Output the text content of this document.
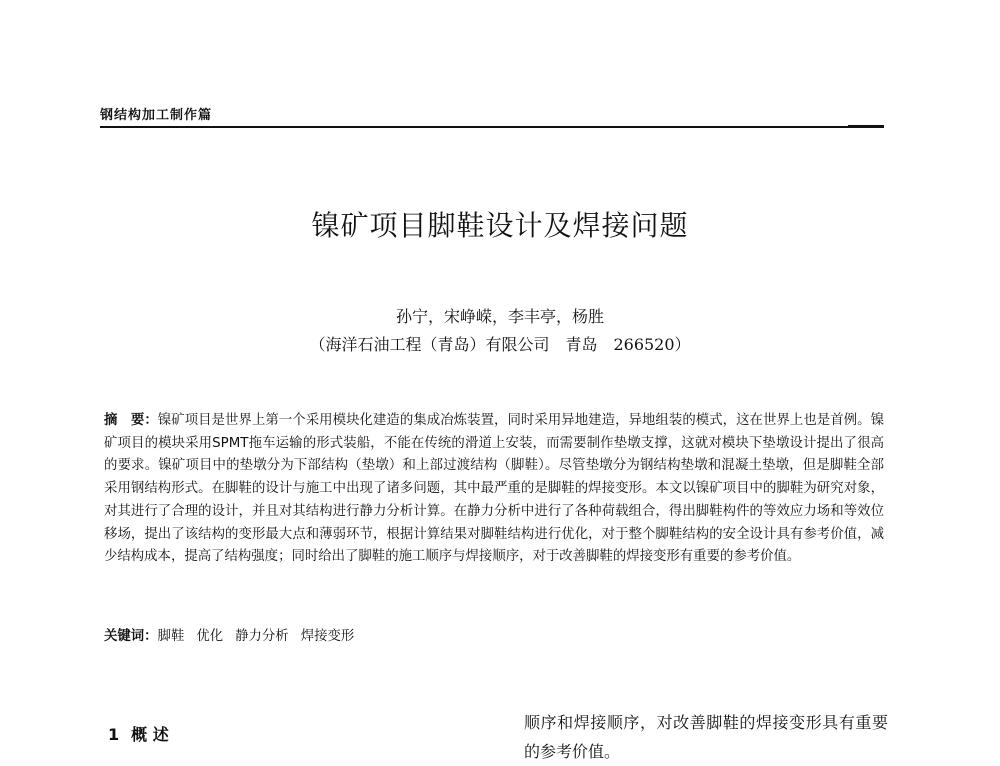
钢结构加工制作篇
镍矿项目脚鞋设计及焊接问题
孙宁，宋峥嵘，李丰亭，杨胜
（海洋石油工程（青岛）有限公司　青岛　266520）
摘　要：镍矿项目是世界上第一个采用模块化建造的集成冶炼装置，同时采用异地建造，异地组装的模式，这在世界上也是首例。镍矿项目的模块采用SPMT拖车运输的形式装船，不能在传统的滑道上安装，而需要制作垫墩支撑，这就对模块下垫墩设计提出了很高的要求。镍矿项目中的垫墩分为下部结构（垫墩）和上部过渡结构（脚鞋）。尽管垫墩分为钢结构垫墩和混凝土垫墩，但是脚鞋全部采用钢结构形式。在脚鞋的设计与施工中出现了诸多问题，其中最严重的是脚鞋的焊接变形。本文以镍矿项目中的脚鞋为研究对象，对其进行了合理的设计，并且对其结构进行静力分析计算。在静力分析中进行了各种荷载组合，得出脚鞋构件的等效应力场和等效位移场，提出了该结构的变形最大点和薄弱环节，根据计算结果对脚鞋结构进行优化，对于整个脚鞋结构的安全设计具有参考价值，减少结构成本，提高了结构强度；同时给出了脚鞋的施工顺序与焊接顺序，对于改善脚鞋的焊接变形有重要的参考价值。
关键词：脚鞋 优化 静力分析 焊接变形
1 概 述
顺序和焊接顺序，对改善脚鞋的焊接变形具有重要的参考价值。
